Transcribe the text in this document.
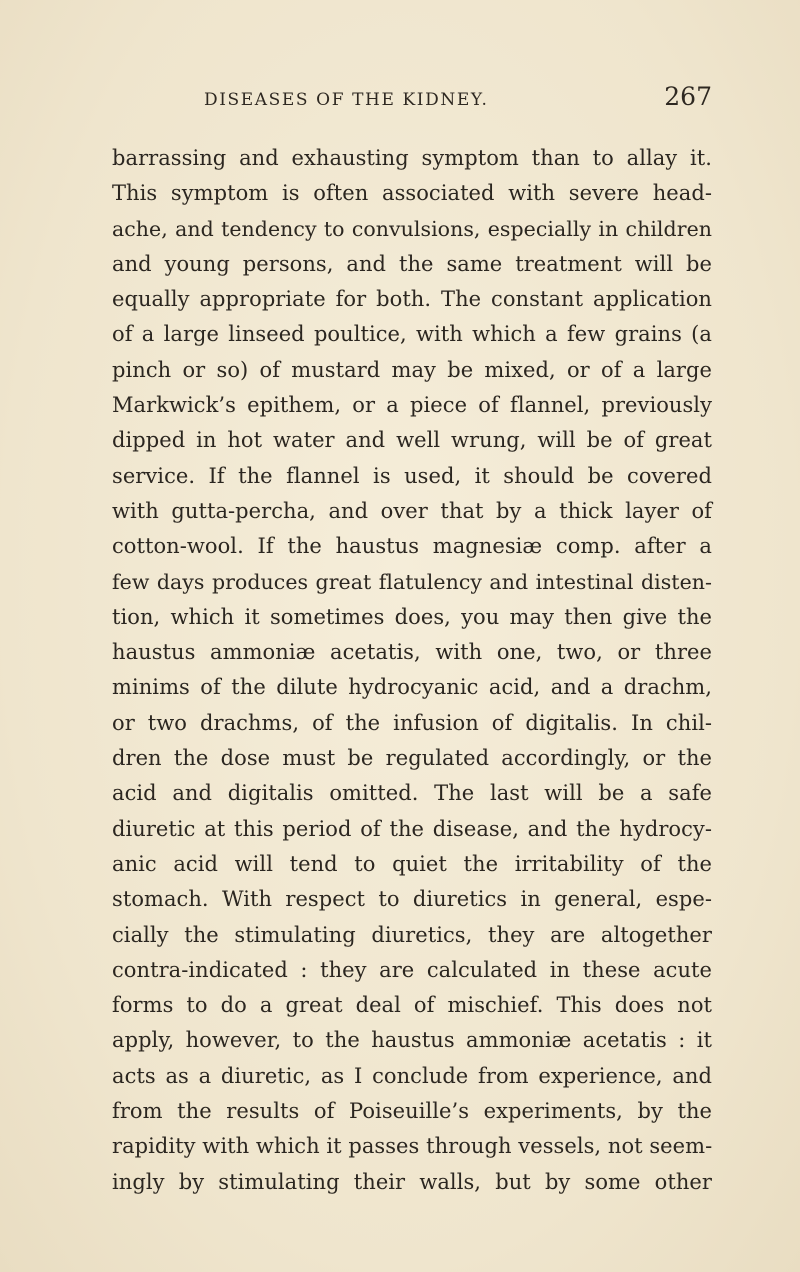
DISEASES OF THE KIDNEY.	267
barrassing and exhausting symptom than to allay it.
This symptom is often associated with severe head-
ache, and tendency to convulsions, especially in children
and young persons, and the same treatment will be
equally appropriate for both. The constant application
of a large linseed poultice, with which a few grains (a
pinch or so) of mustard may be mixed, or of a large
Markwick’s epithem, or a piece of flannel, previously
dipped in hot water and well wrung, will be of great
service. If the flannel is used, it should be covered
with gutta-percha, and over that by a thick layer of
cotton-wool. If the haustus magnesiæ comp. after a
few days produces great flatulency and intestinal disten-
tion, which it sometimes does, you may then give the
haustus ammoniæ acetatis, with one, two, or three
minims of the dilute hydrocyanic acid, and a drachm,
or two drachms, of the infusion of digitalis. In chil-
dren the dose must be regulated accordingly, or the
acid and digitalis omitted. The last will be a safe
diuretic at this period of the disease, and the hydrocy-
anic acid will tend to quiet the irritability of the
stomach. With respect to diuretics in general, espe-
cially the stimulating diuretics, they are altogether
contra-indicated : they are calculated in these acute
forms to do a great deal of mischief. This does not
apply, however, to the haustus ammoniæ acetatis : it
acts as a diuretic, as I conclude from experience, and
from the results of Poiseuille’s experiments, by the
rapidity with which it passes through vessels, not seem-
ingly by stimulating their walls, but by some other
